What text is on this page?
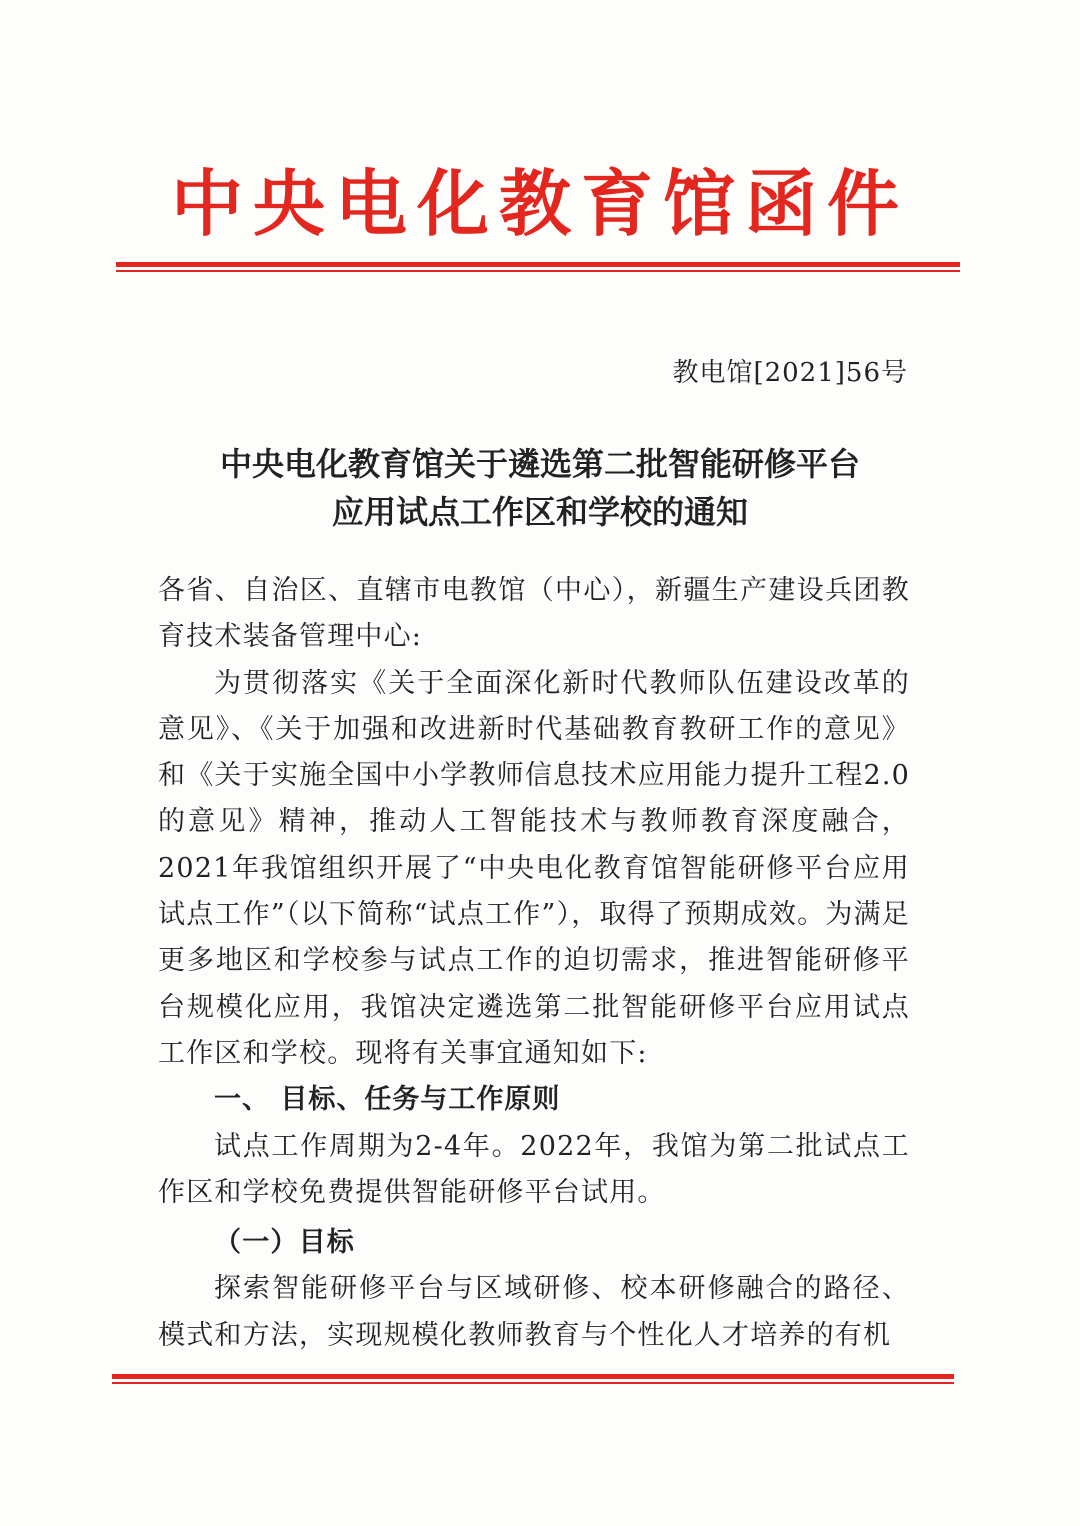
中央电化教育馆函件
教电馆[2021]56号
中央电化教育馆关于遴选第二批智能研修平台
应用试点工作区和学校的通知

各省、自治区、直辖市电教馆（中心），新疆生产建设兵团教育技术装备管理中心:

为贯彻落实《关于全面深化新时代教师队伍建设改革的意见》、《关于加强和改进新时代基础教育教研工作的意见》和《关于实施全国中小学教师信息技术应用能力提升工程2.0的意见》精神，推动人工智能技术与教师教育深度融合，2021年我馆组织开展了“中央电化教育馆智能研修平台应用试点工作”（以下简称“试点工作”），取得了预期成效。为满足更多地区和学校参与试点工作的迫切需求，推进智能研修平台规模化应用，我馆决定遴选第二批智能研修平台应用试点工作区和学校。现将有关事宜通知如下:

一、 目标、任务与工作原则

试点工作周期为2-4年。2022年，我馆为第二批试点工作区和学校免费提供智能研修平台试用。

（一）目标

探索智能研修平台与区域研修、校本研修融合的路径、模式和方法，实现规模化教师教育与个性化人才培养的有机
